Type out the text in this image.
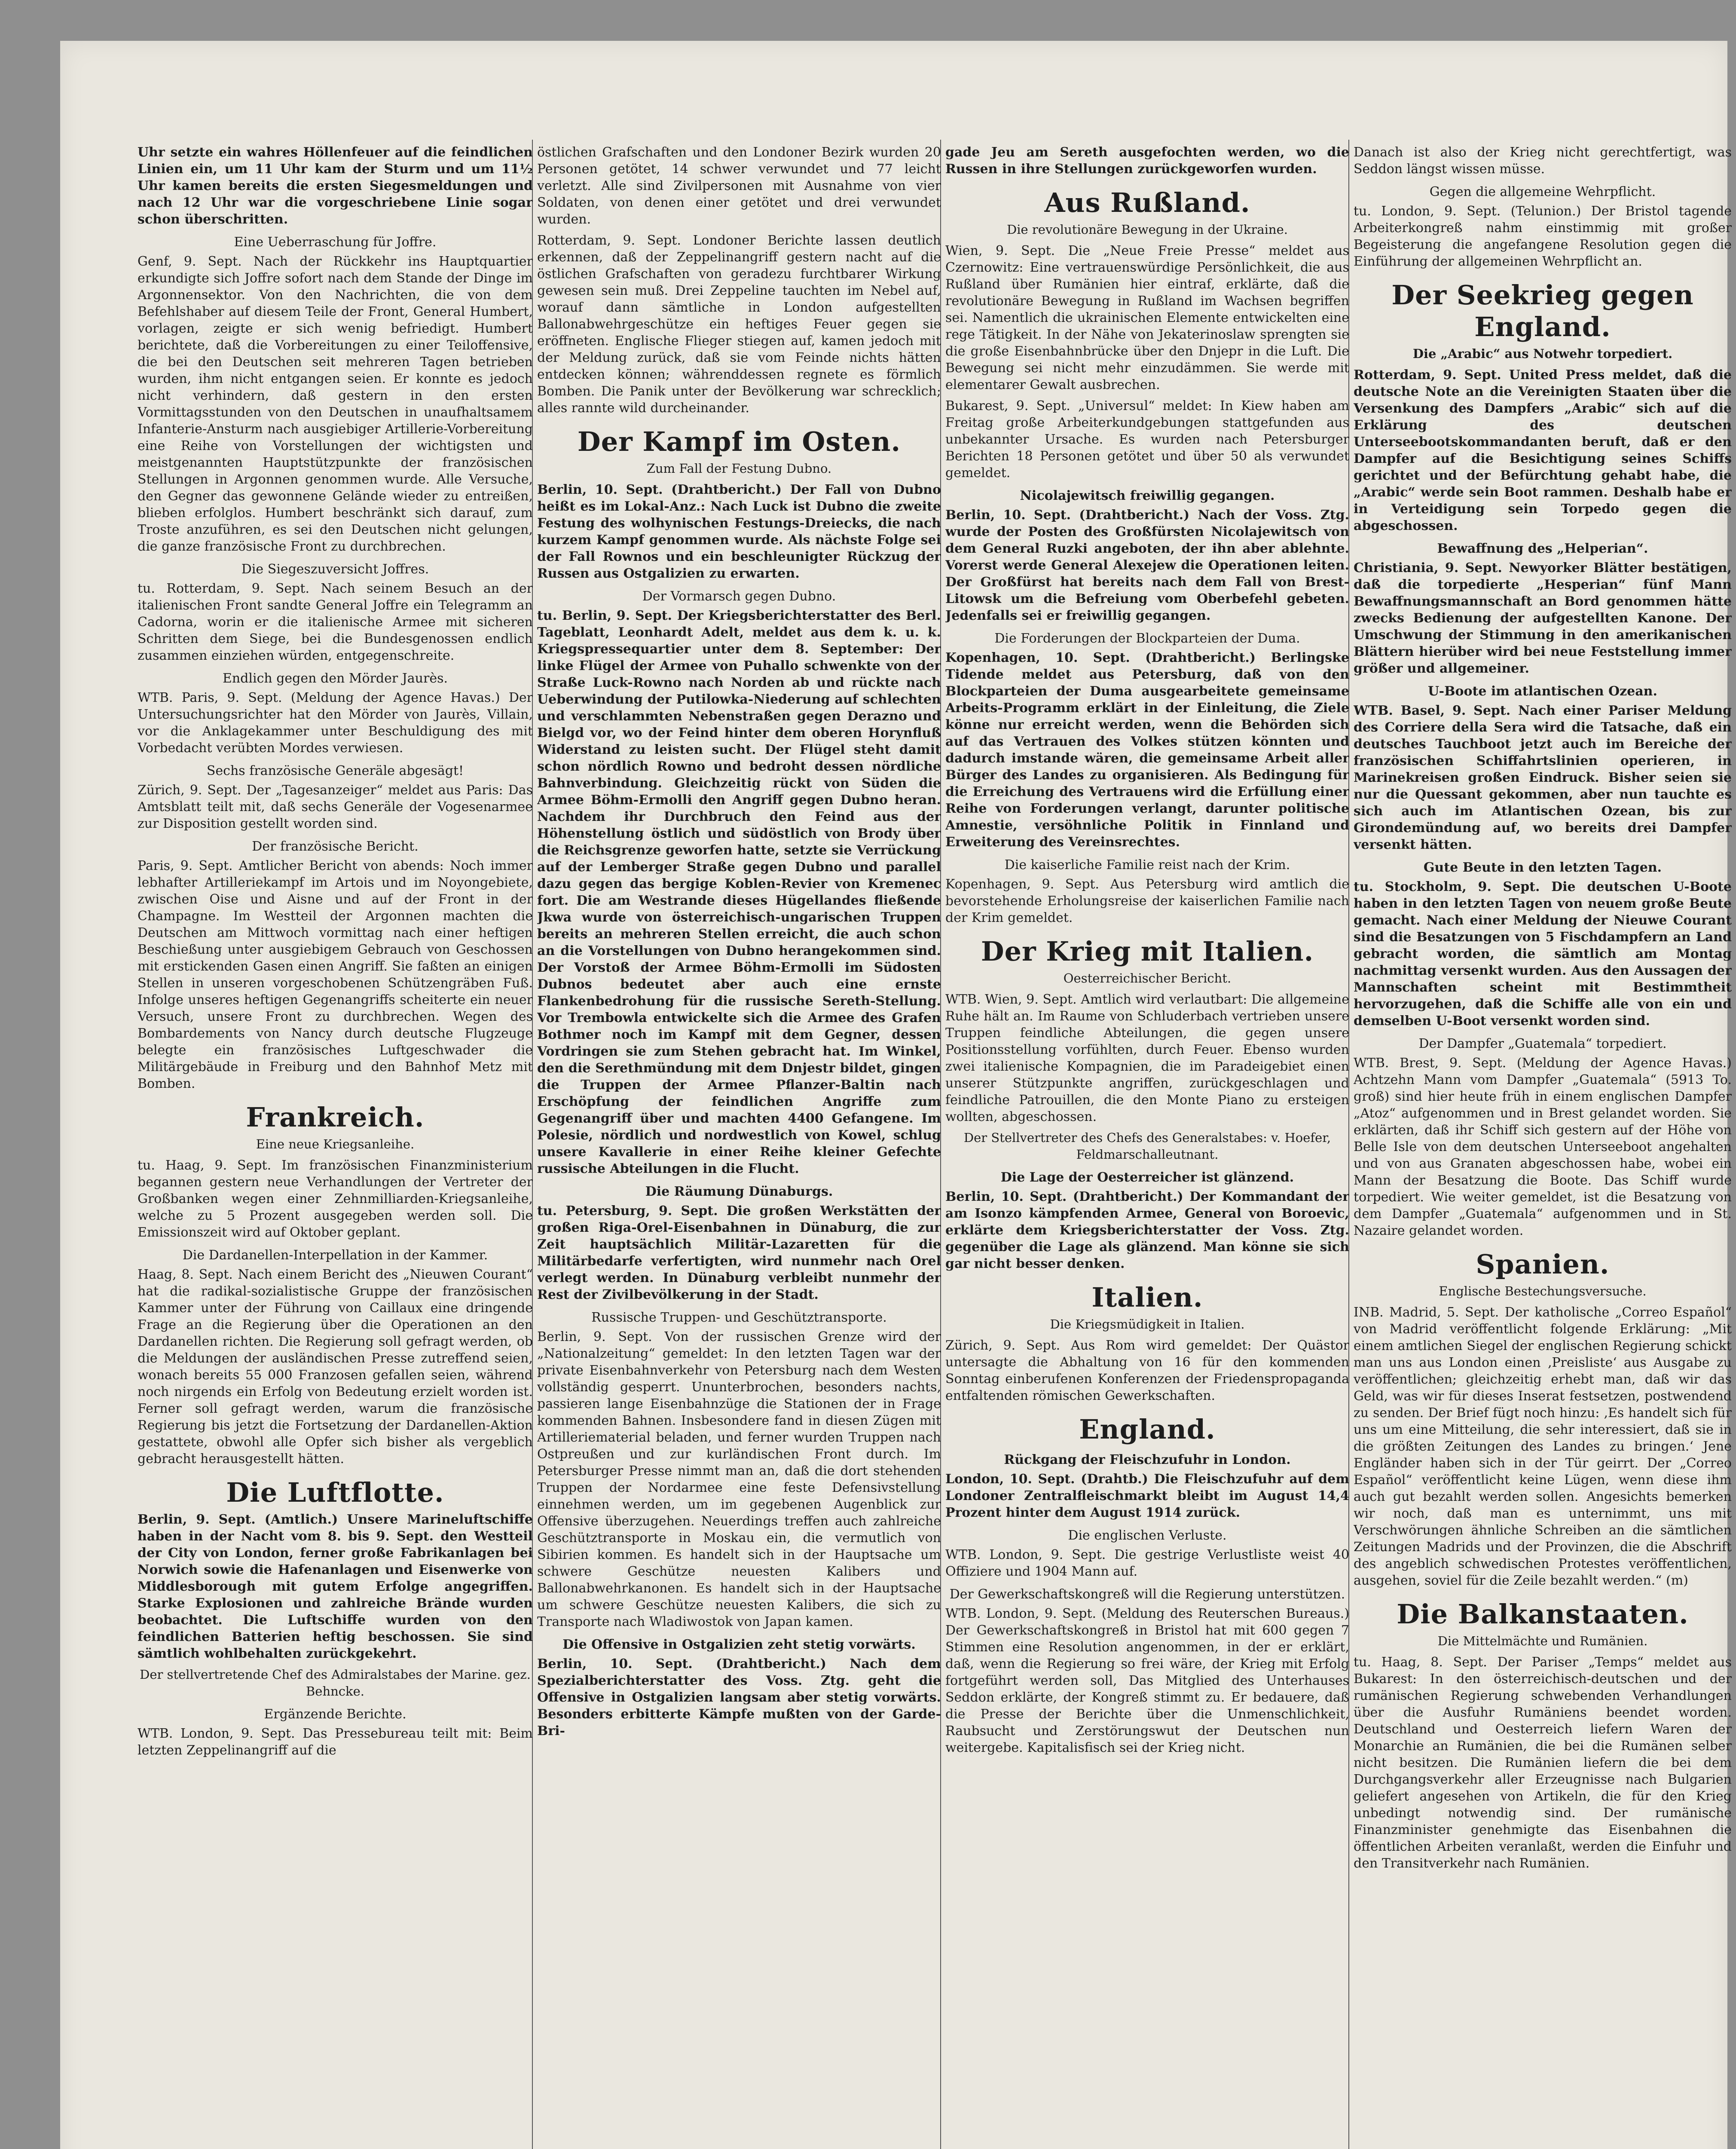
Uhr setzte ein wahres Höllenfeuer auf die feindlichen Linien ein, um 11 Uhr kam der Sturm und um 11½ Uhr kamen bereits die ersten Siegesmeldungen und nach 12 Uhr war die vorgeschriebene Linie sogar schon überschritten.

Eine Ueberraschung für Joffre.

Genf, 9. Sept. Nach der Rückkehr ins Hauptquartier erkundigte sich Joffre sofort nach dem Stande der Dinge im Argonnensektor. Von den Nachrichten, die von dem Befehlshaber auf diesem Teile der Front, General Humbert, vorlagen, zeigte er sich wenig befriedigt. Humbert berichtete, daß die Vorbereitungen zu einer Teiloffensive, die bei den Deutschen seit mehreren Tagen betrieben wurden, ihm nicht entgangen seien. Er konnte es jedoch nicht verhindern, daß gestern in den ersten Vormittagsstunden von den Deutschen in unaufhaltsamem Infanterie-Ansturm nach ausgiebiger Artillerie-Vorbereitung eine Reihe von Vorstellungen der wichtigsten und meistgenannten Hauptstützpunkte der französischen Stellungen in Argonnen genommen wurde. Alle Versuche, den Gegner das gewonnene Gelände wieder zu entreißen, blieben erfolglos. Humbert beschränkt sich darauf, zum Troste anzuführen, es sei den Deutschen nicht gelungen, die ganze französische Front zu durchbrechen.

Die Siegeszuversicht Joffres.

tu. Rotterdam, 9. Sept. Nach seinem Besuch an der italienischen Front sandte General Joffre ein Telegramm an Cadorna, worin er die italienische Armee mit sicheren Schritten dem Siege, bei die Bundesgenossen endlich zusammen einziehen würden, entgegenschreite.

Endlich gegen den Mörder Jaurès.

WTB. Paris, 9. Sept. (Meldung der Agence Havas.) Der Untersuchungsrichter hat den Mörder von Jaurès, Villain, vor die Anklagekammer unter Beschuldigung des mit Vorbedacht verübten Mordes verwiesen.

Sechs französische Generäle abgesägt!

Zürich, 9. Sept. Der „Tagesanzeiger“ meldet aus Paris: Das Amtsblatt teilt mit, daß sechs Generäle der Vogesenarmee zur Disposition gestellt worden sind.

Der französische Bericht.

Paris, 9. Sept. Amtlicher Bericht von abends: Noch immer lebhafter Artilleriekampf im Artois und im Noyongebiete, zwischen Oise und Aisne und auf der Front in der Champagne. Im Westteil der Argonnen machten die Deutschen am Mittwoch vormittag nach einer heftigen Beschießung unter ausgiebigem Gebrauch von Geschossen mit erstickenden Gasen einen Angriff. Sie faßten an einigen Stellen in unseren vorgeschobenen Schützengräben Fuß. Infolge unseres heftigen Gegenangriffs scheiterte ein neuer Versuch, unsere Front zu durchbrechen. Wegen des Bombardements von Nancy durch deutsche Flugzeuge belegte ein französisches Luftgeschwader die Militärgebäude in Freiburg und den Bahnhof Metz mit Bomben.

Frankreich.
Eine neue Kriegsanleihe.

tu. Haag, 9. Sept. Im französischen Finanzministerium begannen gestern neue Verhandlungen der Vertreter der Großbanken wegen einer Zehnmilliarden-Kriegsanleihe, welche zu 5 Prozent ausgegeben werden soll. Die Emissionszeit wird auf Oktober geplant.

Die Dardanellen-Interpellation in der Kammer.

Haag, 8. Sept. Nach einem Bericht des „Nieuwen Courant“ hat die radikal-sozialistische Gruppe der französischen Kammer unter der Führung von Caillaux eine dringende Frage an die Regierung über die Operationen an den Dardanellen richten. Die Regierung soll gefragt werden, ob die Meldungen der ausländischen Presse zutreffend seien, wonach bereits 55 000 Franzosen gefallen seien, während noch nirgends ein Erfolg von Bedeutung erzielt worden ist. Ferner soll gefragt werden, warum die französische Regierung bis jetzt die Fortsetzung der Dardanellen-Aktion gestattete, obwohl alle Opfer sich bisher als vergeblich gebracht herausgestellt hätten.

Die Luftflotte.

Berlin, 9. Sept. (Amtlich.) Unsere Marineluftschiffe haben in der Nacht vom 8. bis 9. Sept. den Westteil der City von London, ferner große Fabrikanlagen bei Norwich sowie die Hafenanlagen und Eisenwerke von Middlesborough mit gutem Erfolge angegriffen. Starke Explosionen und zahlreiche Brände wurden beobachtet. Die Luftschiffe wurden von den feindlichen Batterien heftig beschossen. Sie sind sämtlich wohlbehalten zurückgekehrt.

Der stellvertretende Chef des Admiralstabes der Marine. gez. Behncke.
Ergänzende Berichte.

WTB. London, 9. Sept. Das Pressebureau teilt mit: Beim letzten Zeppelinangriff auf die

östlichen Grafschaften und den Londoner Bezirk wurden 20 Personen getötet, 14 schwer verwundet und 77 leicht verletzt. Alle sind Zivilpersonen mit Ausnahme von vier Soldaten, von denen einer getötet und drei verwundet wurden.

Rotterdam, 9. Sept. Londoner Berichte lassen deutlich erkennen, daß der Zeppelinangriff gestern nacht auf die östlichen Grafschaften von geradezu furchtbarer Wirkung gewesen sein muß. Drei Zeppeline tauchten im Nebel auf, worauf dann sämtliche in London aufgestellten Ballonabwehrgeschütze ein heftiges Feuer gegen sie eröffneten. Englische Flieger stiegen auf, kamen jedoch mit der Meldung zurück, daß sie vom Feinde nichts hätten entdecken können; währenddessen regnete es förmlich Bomben. Die Panik unter der Bevölkerung war schrecklich; alles rannte wild durcheinander.

Der Kampf im Osten.
Zum Fall der Festung Dubno.

Berlin, 10. Sept. (Drahtbericht.) Der Fall von Dubno heißt es im Lokal-Anz.: Nach Luck ist Dubno die zweite Festung des wolhynischen Festungs-Dreiecks, die nach kurzem Kampf genommen wurde. Als nächste Folge sei der Fall Rownos und ein beschleunigter Rückzug der Russen aus Ostgalizien zu erwarten.

Der Vormarsch gegen Dubno.

tu. Berlin, 9. Sept. Der Kriegsberichterstatter des Berl. Tageblatt, Leonhardt Adelt, meldet aus dem k. u. k. Kriegspressequartier unter dem 8. September: Der linke Flügel der Armee von Puhallo schwenkte von der Straße Luck-Rowno nach Norden ab und rückte nach Ueberwindung der Putilowka-Niederung auf schlechten und verschlammten Nebenstraßen gegen Derazno und Bielgd vor, wo der Feind hinter dem oberen Horynfluß Widerstand zu leisten sucht. Der Flügel steht damit schon nördlich Rowno und bedroht dessen nördliche Bahnverbindung. Gleichzeitig rückt von Süden die Armee Böhm-Ermolli den Angriff gegen Dubno heran. Nachdem ihr Durchbruch den Feind aus der Höhenstellung östlich und südöstlich von Brody über die Reichsgrenze geworfen hatte, setzte sie Verrückung auf der Lemberger Straße gegen Dubno und parallel dazu gegen das bergige Koblen-Revier von Kremenec fort. Die am Westrande dieses Hügellandes fließende Jkwa wurde von österreichisch-ungarischen Truppen bereits an mehreren Stellen erreicht, die auch schon an die Vorstellungen von Dubno herangekommen sind. Der Vorstoß der Armee Böhm-Ermolli im Südosten Dubnos bedeutet aber auch eine ernste Flankenbedrohung für die russische Sereth-Stellung. Vor Trembowla entwickelte sich die Armee des Grafen Bothmer noch im Kampf mit dem Gegner, dessen Vordringen sie zum Stehen gebracht hat. Im Winkel, den die Serethmündung mit dem Dnjestr bildet, gingen die Truppen der Armee Pflanzer-Baltin nach Erschöpfung der feindlichen Angriffe zum Gegenangriff über und machten 4400 Gefangene. Im Polesie, nördlich und nordwestlich von Kowel, schlug unsere Kavallerie in einer Reihe kleiner Gefechte russische Abteilungen in die Flucht.

Die Räumung Dünaburgs.

tu. Petersburg, 9. Sept. Die großen Werkstätten der großen Riga-Orel-Eisenbahnen in Dünaburg, die zur Zeit hauptsächlich Militär-Lazaretten für die Militärbedarfe verfertigten, wird nunmehr nach Orel verlegt werden. In Dünaburg verbleibt nunmehr der Rest der Zivilbevölkerung in der Stadt.

Russische Truppen- und Geschütztransporte.

Berlin, 9. Sept. Von der russischen Grenze wird der „Nationalzeitung“ gemeldet: In den letzten Tagen war der private Eisenbahnverkehr von Petersburg nach dem Westen vollständig gesperrt. Ununterbrochen, besonders nachts, passieren lange Eisenbahnzüge die Stationen der in Frage kommenden Bahnen. Insbesondere fand in diesen Zügen mit Artilleriematerial beladen, und ferner wurden Truppen nach Ostpreußen und zur kurländischen Front durch. Im Petersburger Presse nimmt man an, daß die dort stehenden Truppen der Nordarmee eine feste Defensivstellung einnehmen werden, um im gegebenen Augenblick zur Offensive überzugehen. Neuerdings treffen auch zahlreiche Geschütztransporte in Moskau ein, die vermutlich von Sibirien kommen. Es handelt sich in der Hauptsache um schwere Geschütze neuesten Kalibers und Ballonabwehrkanonen. Es handelt sich in der Hauptsache um schwere Geschütze neuesten Kalibers, die sich zu Transporte nach Wladiwostok von Japan kamen.

Die Offensive in Ostgalizien zeht stetig vorwärts.

Berlin, 10. Sept. (Drahtbericht.) Nach dem Spezialberichterstatter des Voss. Ztg. geht die Offensive in Ostgalizien langsam aber stetig vorwärts. Besonders erbitterte Kämpfe mußten von der Garde-Bri-

gade Jeu am Sereth ausgefochten werden, wo die Russen in ihre Stellungen zurückgeworfen wurden.

Aus Rußland.
Die revolutionäre Bewegung in der Ukraine.

Wien, 9. Sept. Die „Neue Freie Presse“ meldet aus Czernowitz: Eine vertrauenswürdige Persönlichkeit, die aus Rußland über Rumänien hier eintraf, erklärte, daß die revolutionäre Bewegung in Rußland im Wachsen begriffen sei. Namentlich die ukrainischen Elemente entwickelten eine rege Tätigkeit. In der Nähe von Jekaterinoslaw sprengten sie die große Eisenbahnbrücke über den Dnjepr in die Luft. Die Bewegung sei nicht mehr einzudämmen. Sie werde mit elementarer Gewalt ausbrechen.

Bukarest, 9. Sept. „Universul“ meldet: In Kiew haben am Freitag große Arbeiterkundgebungen stattgefunden aus unbekannter Ursache. Es wurden nach Petersburger Berichten 18 Personen getötet und über 50 als verwundet gemeldet.

Nicolajewitsch freiwillig gegangen.

Berlin, 10. Sept. (Drahtbericht.) Nach der Voss. Ztg. wurde der Posten des Großfürsten Nicolajewitsch von dem General Ruzki angeboten, der ihn aber ablehnte. Vorerst werde General Alexejew die Operationen leiten. Der Großfürst hat bereits nach dem Fall von Brest-Litowsk um die Befreiung vom Oberbefehl gebeten. Jedenfalls sei er freiwillig gegangen.

Die Forderungen der Blockparteien der Duma.

Kopenhagen, 10. Sept. (Drahtbericht.) Berlingske Tidende meldet aus Petersburg, daß von den Blockparteien der Duma ausgearbeitete gemeinsame Arbeits-Programm erklärt in der Einleitung, die Ziele könne nur erreicht werden, wenn die Behörden sich auf das Vertrauen des Volkes stützen könnten und dadurch imstande wären, die gemeinsame Arbeit aller Bürger des Landes zu organisieren. Als Bedingung für die Erreichung des Vertrauens wird die Erfüllung einer Reihe von Forderungen verlangt, darunter politische Amnestie, versöhnliche Politik in Finnland und Erweiterung des Vereinsrechtes.

Die kaiserliche Familie reist nach der Krim.

Kopenhagen, 9. Sept. Aus Petersburg wird amtlich die bevorstehende Erholungsreise der kaiserlichen Familie nach der Krim gemeldet.

Der Krieg mit Italien.
Oesterreichischer Bericht.

WTB. Wien, 9. Sept. Amtlich wird verlautbart: Die allgemeine Ruhe hält an. Im Raume von Schluderbach vertrieben unsere Truppen feindliche Abteilungen, die gegen unsere Positionsstellung vorfühlten, durch Feuer. Ebenso wurden zwei italienische Kompagnien, die im Paradeigebiet einen unserer Stützpunkte angriffen, zurückgeschlagen und feindliche Patrouillen, die den Monte Piano zu ersteigen wollten, abgeschossen.

Der Stellvertreter des Chefs des Generalstabes: v. Hoefer, Feldmarschalleutnant.
Die Lage der Oesterreicher ist glänzend.

Berlin, 10. Sept. (Drahtbericht.) Der Kommandant der am Isonzo kämpfenden Armee, General von Boroevic, erklärte dem Kriegsberichterstatter der Voss. Ztg. gegenüber die Lage als glänzend. Man könne sie sich gar nicht besser denken.

Italien.
Die Kriegsmüdigkeit in Italien.

Zürich, 9. Sept. Aus Rom wird gemeldet: Der Quästor untersagte die Abhaltung von 16 für den kommenden Sonntag einberufenen Konferenzen der Friedenspropaganda entfaltenden römischen Gewerkschaften.

England.
Rückgang der Fleischzufuhr in London.

London, 10. Sept. (Drahtb.) Die Fleischzufuhr auf dem Londoner Zentralfleischmarkt bleibt im August 14,4 Prozent hinter dem August 1914 zurück.

Die englischen Verluste.

WTB. London, 9. Sept. Die gestrige Verlustliste weist 40 Offiziere und 1904 Mann auf.

Der Gewerkschaftskongreß will die Regierung unterstützen.

WTB. London, 9. Sept. (Meldung des Reuterschen Bureaus.) Der Gewerkschaftskongreß in Bristol hat mit 600 gegen 7 Stimmen eine Resolution angenommen, in der er erklärt, daß, wenn die Regierung so frei wäre, der Krieg mit Erfolg fortgeführt werden soll, Das Mitglied des Unterhauses Seddon erklärte, der Kongreß stimmt zu. Er bedauere, daß die Presse der Berichte über die Unmenschlichkeit, Raubsucht und Zerstörungswut der Deutschen nun weitergebe. Kapitalisfisch sei der Krieg nicht.

Danach ist also der Krieg nicht gerechtfertigt, was Seddon längst wissen müsse.

Gegen die allgemeine Wehrpflicht.

tu. London, 9. Sept. (Telunion.) Der Bristol tagende Arbeiterkongreß nahm einstimmig mit großer Begeisterung die angefangene Resolution gegen die Einführung der allgemeinen Wehrpflicht an.

Der Seekrieg gegen England.
Die „Arabic“ aus Notwehr torpediert.

Rotterdam, 9. Sept. United Press meldet, daß die deutsche Note an die Vereinigten Staaten über die Versenkung des Dampfers „Arabic“ sich auf die Erklärung des deutschen Unterseebootskommandanten beruft, daß er den Dampfer auf die Besichtigung seines Schiffs gerichtet und der Befürchtung gehabt habe, die „Arabic“ werde sein Boot rammen. Deshalb habe er in Verteidigung sein Torpedo gegen die abgeschossen.

Bewaffnung des „Helperian“.

Christiania, 9. Sept. Newyorker Blätter bestätigen, daß die torpedierte „Hesperian“ fünf Mann Bewaffnungsmannschaft an Bord genommen hätte zwecks Bedienung der aufgestellten Kanone. Der Umschwung der Stimmung in den amerikanischen Blättern hierüber wird bei neue Feststellung immer größer und allgemeiner.

U-Boote im atlantischen Ozean.

WTB. Basel, 9. Sept. Nach einer Pariser Meldung des Corriere della Sera wird die Tatsache, daß ein deutsches Tauchboot jetzt auch im Bereiche der französischen Schiffahrtslinien operieren, in Marinekreisen großen Eindruck. Bisher seien sie nur die Quessant gekommen, aber nun tauchte es sich auch im Atlantischen Ozean, bis zur Girondemündung auf, wo bereits drei Dampfer versenkt hätten.

Gute Beute in den letzten Tagen.

tu. Stockholm, 9. Sept. Die deutschen U-Boote haben in den letzten Tagen von neuem große Beute gemacht. Nach einer Meldung der Nieuwe Courant sind die Besatzungen von 5 Fischdampfern an Land gebracht worden, die sämtlich am Montag nachmittag versenkt wurden. Aus den Aussagen der Mannschaften scheint mit Bestimmtheit hervorzugehen, daß die Schiffe alle von ein und demselben U-Boot versenkt worden sind.

Der Dampfer „Guatemala“ torpediert.

WTB. Brest, 9. Sept. (Meldung der Agence Havas.) Achtzehn Mann vom Dampfer „Guatemala“ (5913 To. groß) sind hier heute früh in einem englischen Dampfer „Atoz“ aufgenommen und in Brest gelandet worden. Sie erklärten, daß ihr Schiff sich gestern auf der Höhe von Belle Isle von dem deutschen Unterseeboot angehalten und von aus Granaten abgeschossen habe, wobei ein Mann der Besatzung die Boote. Das Schiff wurde torpediert. Wie weiter gemeldet, ist die Besatzung von dem Dampfer „Guatemala“ aufgenommen und in St. Nazaire gelandet worden.

Spanien.
Englische Bestechungsversuche.

INB. Madrid, 5. Sept. Der katholische „Correo Español“ von Madrid veröffentlicht folgende Erklärung: „Mit einem amtlichen Siegel der englischen Regierung schickt man uns aus London einen ‚Preisliste‘ aus Ausgabe zu veröffentlichen; gleichzeitig erhebt man, daß wir das Geld, was wir für dieses Inserat festsetzen, postwendend zu senden. Der Brief fügt noch hinzu: ‚Es handelt sich für uns um eine Mitteilung, die sehr interessiert, daß sie in die größten Zeitungen des Landes zu bringen.‘ Jene Engländer haben sich in der Tür geirrt. Der „Correo Español“ veröffentlicht keine Lügen, wenn diese ihm auch gut bezahlt werden sollen. Angesichts bemerken wir noch, daß man es unternimmt, uns mit Verschwörungen ähnliche Schreiben an die sämtlichen Zeitungen Madrids und der Provinzen, die die Abschrift des angeblich schwedischen Protestes veröffentlichen, ausgehen, soviel für die Zeile bezahlt werden.“ (m)

Die Balkanstaaten.
Die Mittelmächte und Rumänien.

tu. Haag, 8. Sept. Der Pariser „Temps“ meldet aus Bukarest: In den österreichisch-deutschen und der rumänischen Regierung schwebenden Verhandlungen über die Ausfuhr Rumäniens beendet worden. Deutschland und Oesterreich liefern Waren der Monarchie an Rumänien, die bei die Rumänen selber nicht besitzen. Die Rumänien liefern die bei dem Durchgangsverkehr aller Erzeugnisse nach Bulgarien geliefert angesehen von Artikeln, die für den Krieg unbedingt notwendig sind. Der rumänische Finanzminister genehmigte das Eisenbahnen die öffentlichen Arbeiten veranlaßt, werden die Einfuhr und den Transitverkehr nach Rumänien.
